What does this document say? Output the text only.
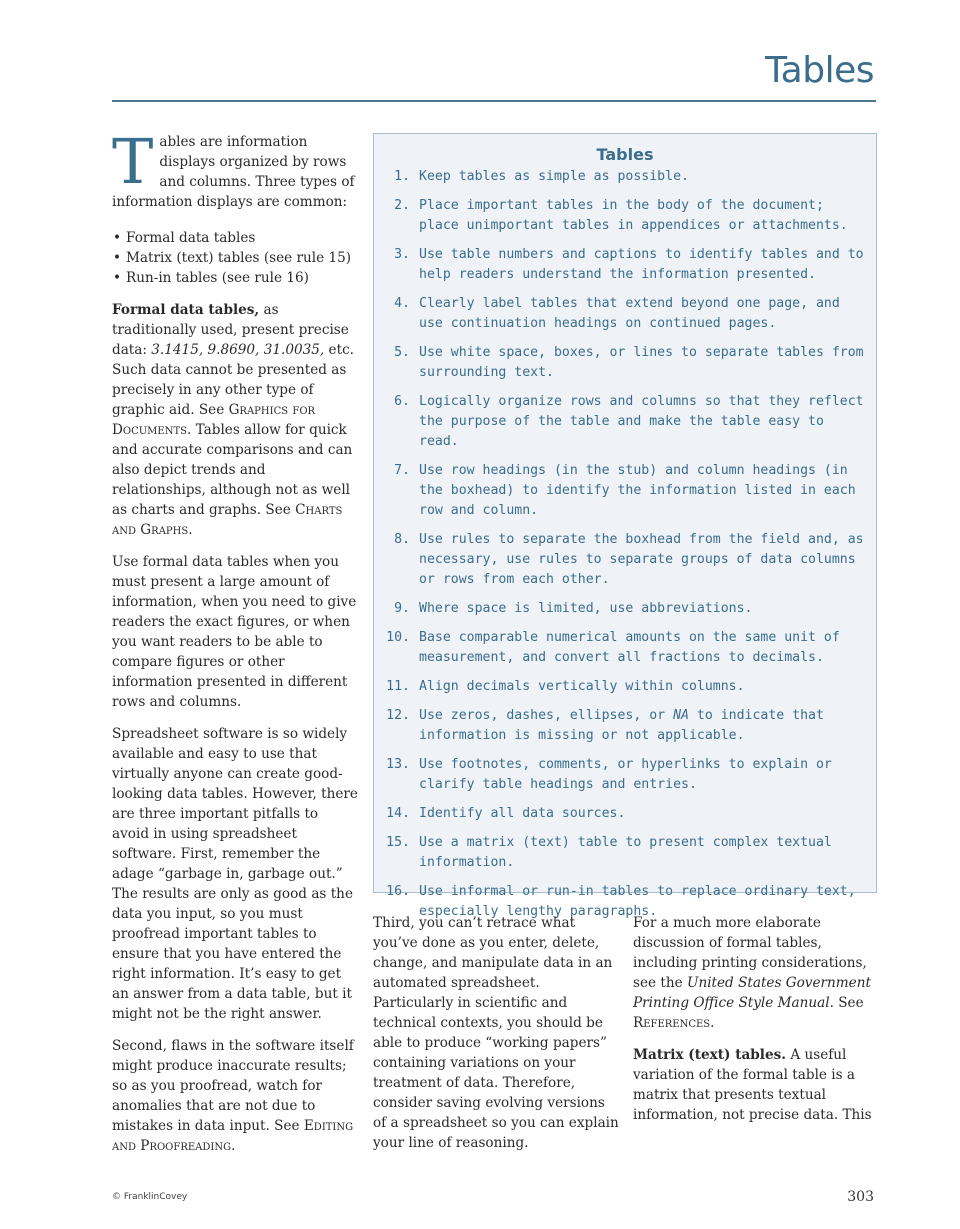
Tables

Tables are information displays organized by rows and columns. Three types of information displays are common:

• Formal data tables
• Matrix (text) tables (see rule 15)
• Run-in tables (see rule 16)

Formal data tables, as traditionally used, present precise data: 3.1415, 9.8690, 31.0035, etc. Such data cannot be presented as precisely in any other type of graphic aid. See Graphics for Documents. Tables allow for quick and accurate comparisons and can also depict trends and relationships, although not as well as charts and graphs. See Charts and Graphs.

Use formal data tables when you must present a large amount of information, when you need to give readers the exact figures, or when you want readers to be able to compare figures or other information presented in different rows and columns.

Spreadsheet software is so widely available and easy to use that virtually anyone can create good-looking data tables. However, there are three important pitfalls to avoid in using spreadsheet software. First, remember the adage “garbage in, garbage out.” The results are only as good as the data you input, so you must proofread important tables to ensure that you have entered the right information. It’s easy to get an answer from a data table, but it might not be the right answer.

Second, flaws in the software itself might produce inaccurate results; so as you proofread, watch for anomalies that are not due to mistakes in data input. See Editing and Proofreading.

Tables
1. Keep tables as simple as possible.
2. Place important tables in the body of the document; place unimportant tables in appendices or attachments.
3. Use table numbers and captions to identify tables and to help readers understand the information presented.
4. Clearly label tables that extend beyond one page, and use continuation headings on continued pages.
5. Use white space, boxes, or lines to separate tables from surrounding text.
6. Logically organize rows and columns so that they reflect the purpose of the table and make the table easy to read.
7. Use row headings (in the stub) and column headings (in the boxhead) to identify the information listed in each row and column.
8. Use rules to separate the boxhead from the field and, as necessary, use rules to separate groups of data columns or rows from each other.
9. Where space is limited, use abbreviations.
10. Base comparable numerical amounts on the same unit of measurement, and convert all fractions to decimals.
11. Align decimals vertically within columns.
12. Use zeros, dashes, ellipses, or NA to indicate that information is missing or not applicable.
13. Use footnotes, comments, or hyperlinks to explain or clarify table headings and entries.
14. Identify all data sources.
15. Use a matrix (text) table to present complex textual information.
16. Use informal or run-in tables to replace ordinary text, especially lengthy paragraphs.

Third, you can’t retrace what you’ve done as you enter, delete, change, and manipulate data in an automated spreadsheet. Particularly in scientific and technical contexts, you should be able to produce “working papers” containing variations on your treatment of data. Therefore, consider saving evolving versions of a spreadsheet so you can explain your line of reasoning.

For a much more elaborate discussion of formal tables, including printing considerations, see the United States Government Printing Office Style Manual. See References.

Matrix (text) tables. A useful variation of the formal table is a matrix that presents textual information, not precise data. This

© FranklinCovey	303
